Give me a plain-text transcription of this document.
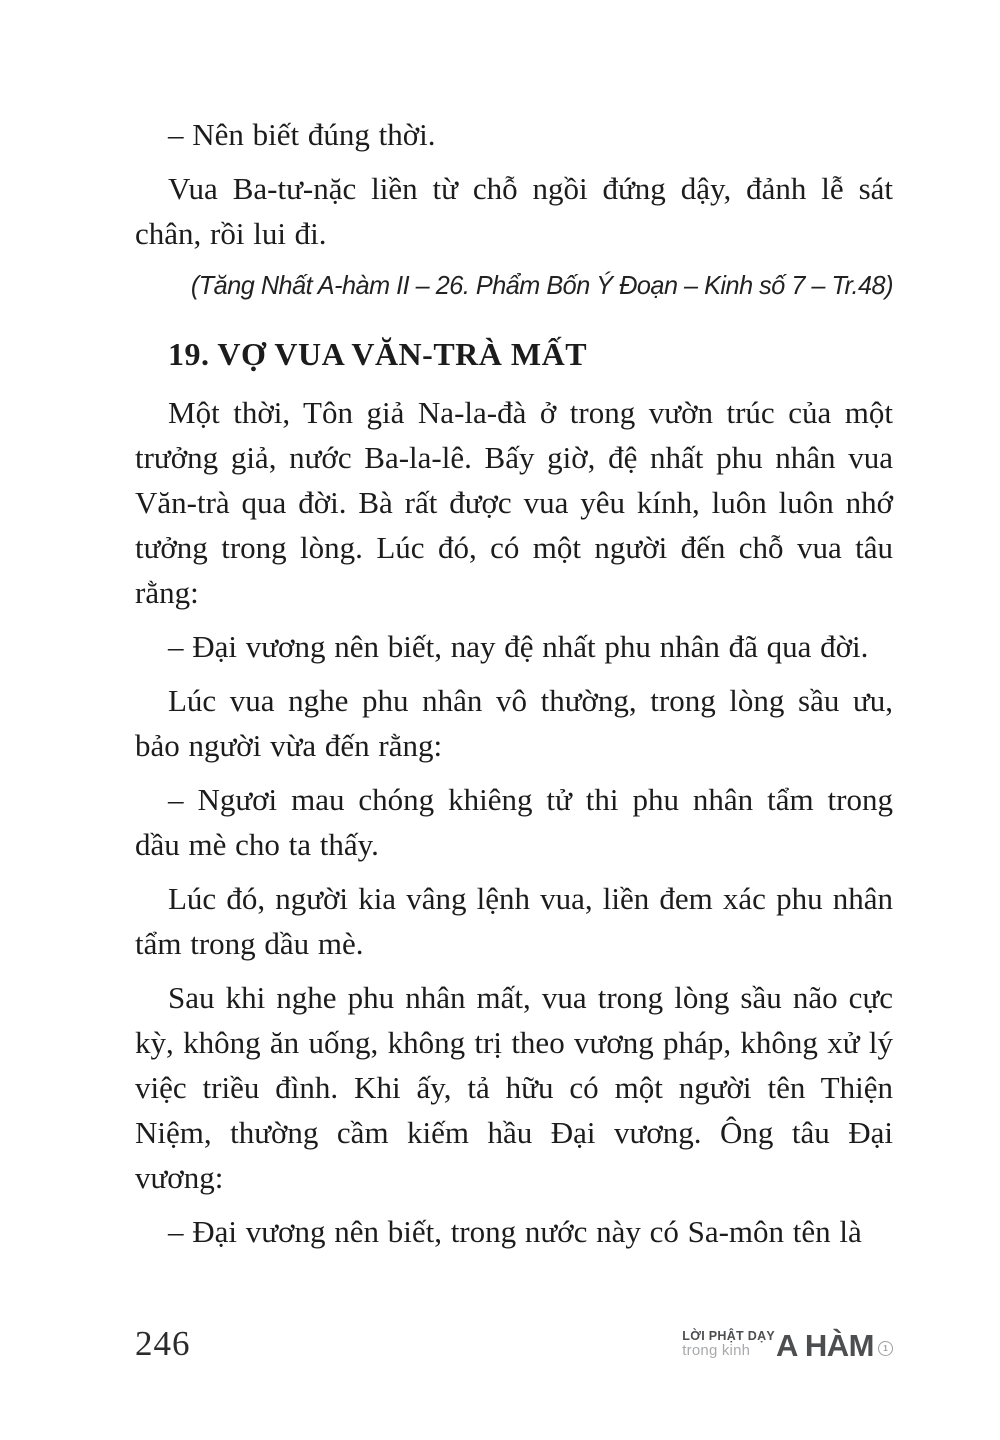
– Nên biết đúng thời.

Vua Ba-tư-nặc liền từ chỗ ngồi đứng dậy, đảnh lễ sát chân, rồi lui đi.

(Tăng Nhất A-hàm II – 26. Phẩm Bốn Ý Đoạn – Kinh số 7 – Tr.48)

19. VỢ VUA VĂN-TRÀ MẤT

Một thời, Tôn giả Na-la-đà ở trong vườn trúc của một trưởng giả, nước Ba-la-lê. Bấy giờ, đệ nhất phu nhân vua Văn-trà qua đời. Bà rất được vua yêu kính, luôn luôn nhớ tưởng trong lòng. Lúc đó, có một người đến chỗ vua tâu rằng:

– Đại vương nên biết, nay đệ nhất phu nhân đã qua đời.

Lúc vua nghe phu nhân vô thường, trong lòng sầu ưu, bảo người vừa đến rằng:

– Ngươi mau chóng khiêng tử thi phu nhân tẩm trong dầu mè cho ta thấy.

Lúc đó, người kia vâng lệnh vua, liền đem xác phu nhân tẩm trong dầu mè.

Sau khi nghe phu nhân mất, vua trong lòng sầu não cực kỳ, không ăn uống, không trị theo vương pháp, không xử lý việc triều đình. Khi ấy, tả hữu có một người tên Thiện Niệm, thường cầm kiếm hầu Đại vương. Ông tâu Đại vương:

– Đại vương nên biết, trong nước này có Sa-môn tên là

246	LỜI PHẬT DẠY
trong kinh A HÀM	1
